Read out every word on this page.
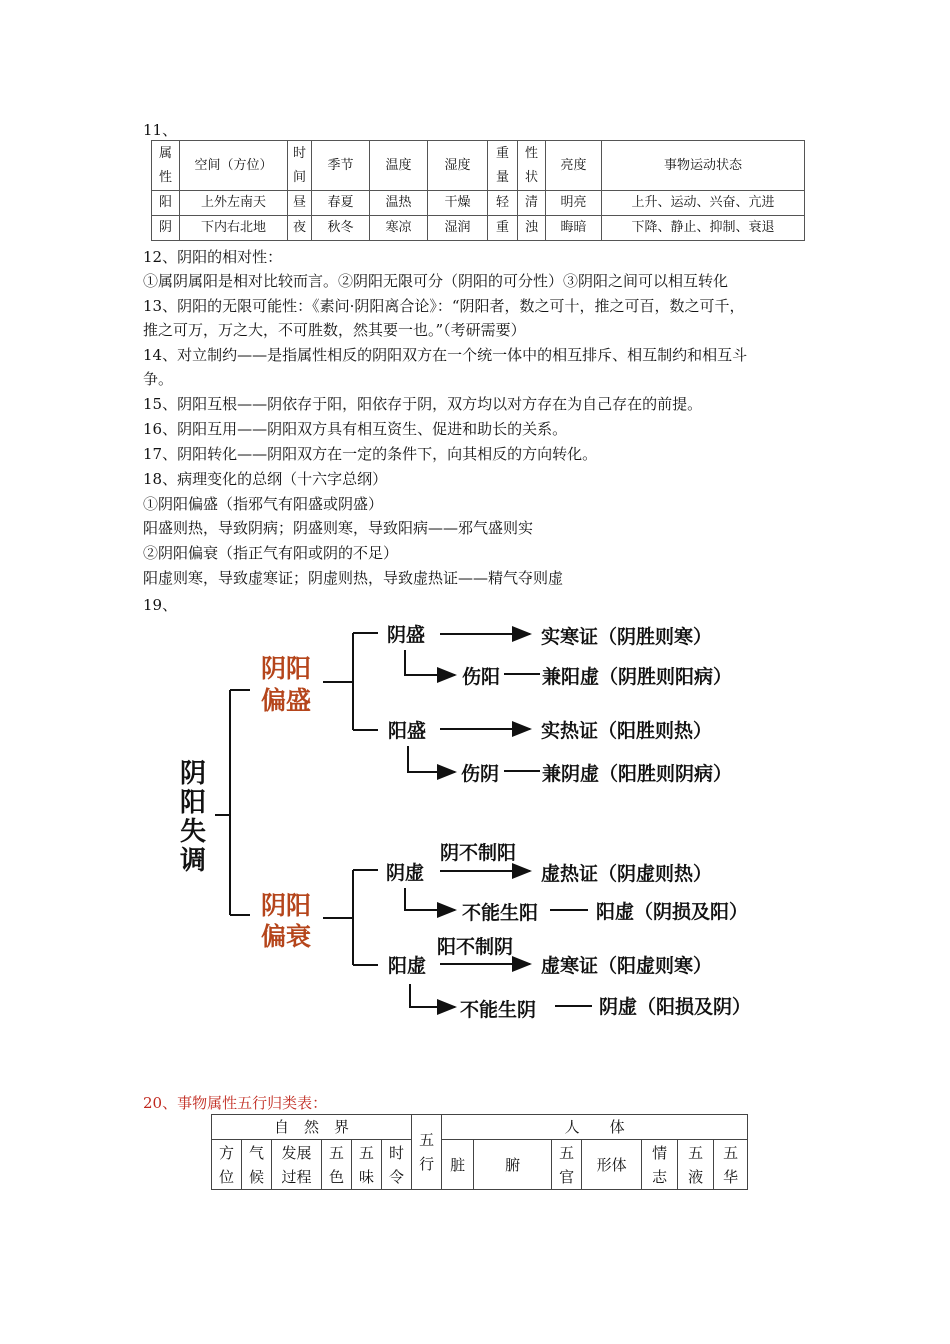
11、
属性	空间（方位）	时间	季节	温度	湿度	重量	性状	亮度	事物运动状态
阳	上外左南天	昼	春夏	温热	干燥	轻	清	明亮	上升、运动、兴奋、亢进
阴	下内右北地	夜	秋冬	寒凉	湿润	重	浊	晦暗	下降、静止、抑制、衰退
12、阴阳的相对性：
①属阴属阳是相对比较而言。②阴阳无限可分（阴阳的可分性）③阴阳之间可以相互转化
13、阴阳的无限可能性：《素问·阴阳离合论》：“阴阳者，数之可十，推之可百，数之可千，
推之可万，万之大，不可胜数，然其要一也。”（考研需要）
14、对立制约——是指属性相反的阴阳双方在一个统一体中的相互排斥、相互制约和相互斗
争。
15、阴阳互根——阴依存于阳，阳依存于阴，双方均以对方存在为自己存在的前提。
16、阴阳互用——阴阳双方具有相互资生、促进和助长的关系。
17、阴阳转化——阴阳双方在一定的条件下，向其相反的方向转化。
18、病理变化的总纲（十六字总纲）
①阴阳偏盛（指邪气有阳盛或阴盛）
阳盛则热，导致阴病；阴盛则寒，导致阳病——邪气盛则实
②阴阳偏衰（指正气有阳或阴的不足）
阳虚则寒，导致虚寒证；阴虚则热，导致虚热证——精气夺则虚
19、
阴
阳
失
调
阴阳
偏盛
阴阳
偏衰
阴盛	实寒证（阴胜则寒）
伤阳 兼阳虚（阴胜则阳病）
阳盛	实热证（阳胜则热）
伤阴 兼阴虚（阳胜则阴病）
阴虚
阴不制阳
虚热证（阴虚则热）
不能生阳	阳虚（阴损及阳）
阳虚
阳不制阴
虚寒证（阳虚则寒）
不能生阴	阴虚（阳损及阴）
20、事物属性五行归类表：
自　然　界						五行	人　　体						
方位	气候	发展过程	五色	五味	时令		脏	腑	五官	形体	情志	五液	五华
